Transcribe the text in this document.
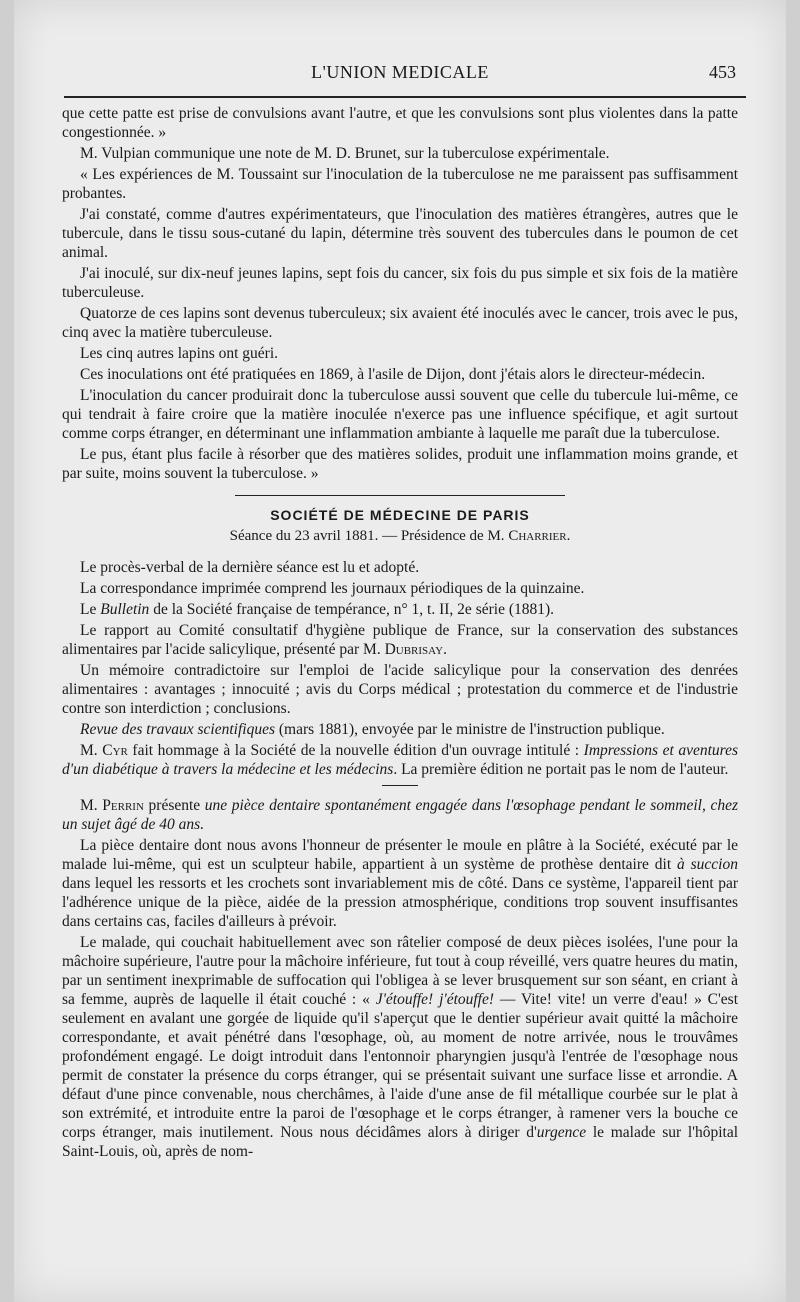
L'UNION MEDICALE	453

que cette patte est prise de convulsions avant l'autre, et que les convulsions sont plus violentes dans la patte congestionnée. »

M. Vulpian communique une note de M. D. Brunet, sur la tuberculose expérimentale.

« Les expériences de M. Toussaint sur l'inoculation de la tuberculose ne me paraissent pas suffisamment probantes.

J'ai constaté, comme d'autres expérimentateurs, que l'inoculation des matières étrangères, autres que le tubercule, dans le tissu sous-cutané du lapin, détermine très souvent des tubercules dans le poumon de cet animal.

J'ai inoculé, sur dix-neuf jeunes lapins, sept fois du cancer, six fois du pus simple et six fois de la matière tuberculeuse.

Quatorze de ces lapins sont devenus tuberculeux; six avaient été inoculés avec le cancer, trois avec le pus, cinq avec la matière tuberculeuse.

Les cinq autres lapins ont guéri.

Ces inoculations ont été pratiquées en 1869, à l'asile de Dijon, dont j'étais alors le directeur-médecin.

L'inoculation du cancer produirait donc la tuberculose aussi souvent que celle du tubercule lui-même, ce qui tendrait à faire croire que la matière inoculée n'exerce pas une influence spécifique, et agit surtout comme corps étranger, en déterminant une inflammation ambiante à laquelle me paraît due la tuberculose.

Le pus, étant plus facile à résorber que des matières solides, produit une inflammation moins grande, et par suite, moins souvent la tuberculose. »

SOCIÉTÉ DE MÉDECINE DE PARIS
Séance du 23 avril 1881. — Présidence de M. Charrier.

Le procès-verbal de la dernière séance est lu et adopté.

La correspondance imprimée comprend les journaux périodiques de la quinzaine.

Le Bulletin de la Société française de tempérance, n° 1, t. II, 2e série (1881).

Le rapport au Comité consultatif d'hygiène publique de France, sur la conservation des substances alimentaires par l'acide salicylique, présenté par M. Dubrisay.

Un mémoire contradictoire sur l'emploi de l'acide salicylique pour la conservation des denrées alimentaires : avantages ; innocuité ; avis du Corps médical ; protestation du commerce et de l'industrie contre son interdiction ; conclusions.

Revue des travaux scientifiques (mars 1881), envoyée par le ministre de l'instruction publique.

M. Cyr fait hommage à la Société de la nouvelle édition d'un ouvrage intitulé : Impressions et aventures d'un diabétique à travers la médecine et les médecins. La première édition ne portait pas le nom de l'auteur.

M. Perrin présente une pièce dentaire spontanément engagée dans l'œsophage pendant le sommeil, chez un sujet âgé de 40 ans.

La pièce dentaire dont nous avons l'honneur de présenter le moule en plâtre à la Société, exécuté par le malade lui-même, qui est un sculpteur habile, appartient à un système de prothèse dentaire dit à succion dans lequel les ressorts et les crochets sont invariablement mis de côté. Dans ce système, l'appareil tient par l'adhérence unique de la pièce, aidée de la pression atmosphérique, conditions trop souvent insuffisantes dans certains cas, faciles d'ailleurs à prévoir.

Le malade, qui couchait habituellement avec son râtelier composé de deux pièces isolées, l'une pour la mâchoire supérieure, l'autre pour la mâchoire inférieure, fut tout à coup réveillé, vers quatre heures du matin, par un sentiment inexprimable de suffocation qui l'obligea à se lever brusquement sur son séant, en criant à sa femme, auprès de laquelle il était couché : « J'étouffe! j'étouffe! — Vite! vite! un verre d'eau! » C'est seulement en avalant une gorgée de liquide qu'il s'aperçut que le dentier supérieur avait quitté la mâchoire correspondante, et avait pénétré dans l'œsophage, où, au moment de notre arrivée, nous le trouvâmes profondément engagé. Le doigt introduit dans l'entonnoir pharyngien jusqu'à l'entrée de l'œsophage nous permit de constater la présence du corps étranger, qui se présentait suivant une surface lisse et arrondie. A défaut d'une pince convenable, nous cherchâmes, à l'aide d'une anse de fil métallique courbée sur le plat à son extrémité, et introduite entre la paroi de l'œsophage et le corps étranger, à ramener vers la bouche ce corps étranger, mais inutilement. Nous nous décidâmes alors à diriger d'urgence le malade sur l'hôpital Saint-Louis, où, après de nom-
